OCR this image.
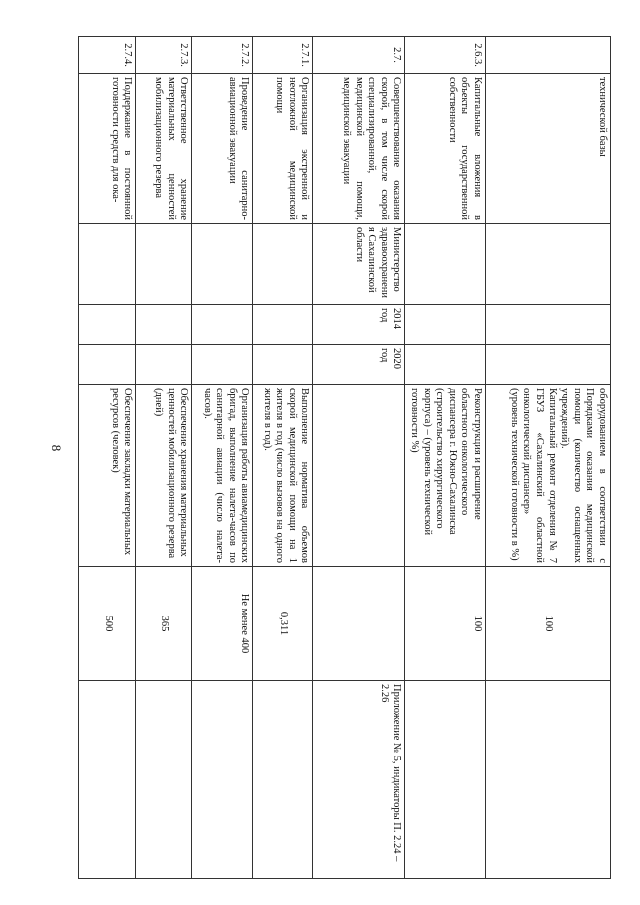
8
	технической базы				оборудованием в соответствии с Порядками оказания медицинской помощи (количество оснащенных учреждений).
Капитальный ремонт отделения № 7 ГБУЗ «Сахалинский областной онкологический диспансер»
(уровень технической готовности в %)	100	
2.6.3.	Капитальные вложения в объекты государственной собственности				Реконструкция и расширение областного онкологического диспансера г. Южно-Сахалинска (строительство хирургического корпуса) – (уровень технической готовности %)	100	
2.7.	Совершенствование оказания скорой, в том числе скорой специализированной, медицинской помощи, медицинской эвакуации	Министерство здравоохранения Сахалинской области	2014 год	2020 год			Приложение № 5, индикаторы П. 2.24 – 2.26
2.7.1.	Организация экстренной и неотложной медицинской помощи				Выполнение норматива объемов скорой медицинской помощи на 1 жителя в год (число вызовов на одного жителя в год).	0,311	
2.7.2.	Проведение санитарно-авиационной эвакуации				Организация работы авиамедицинских бригад, выполнение налета-часов по санитарной авиации (число налета-часов).	Не менее 400	
2.7.3.	Ответственное хранение материальных ценностей мобилизационного резерва				Обеспечение хранения материальных ценностей мобилизационного резерва (дней)	365	
2.7.4.	Поддержание в постоянной готовности средств для ока-				Обеспечение закладки материальных ресурсов (человек)	500	
